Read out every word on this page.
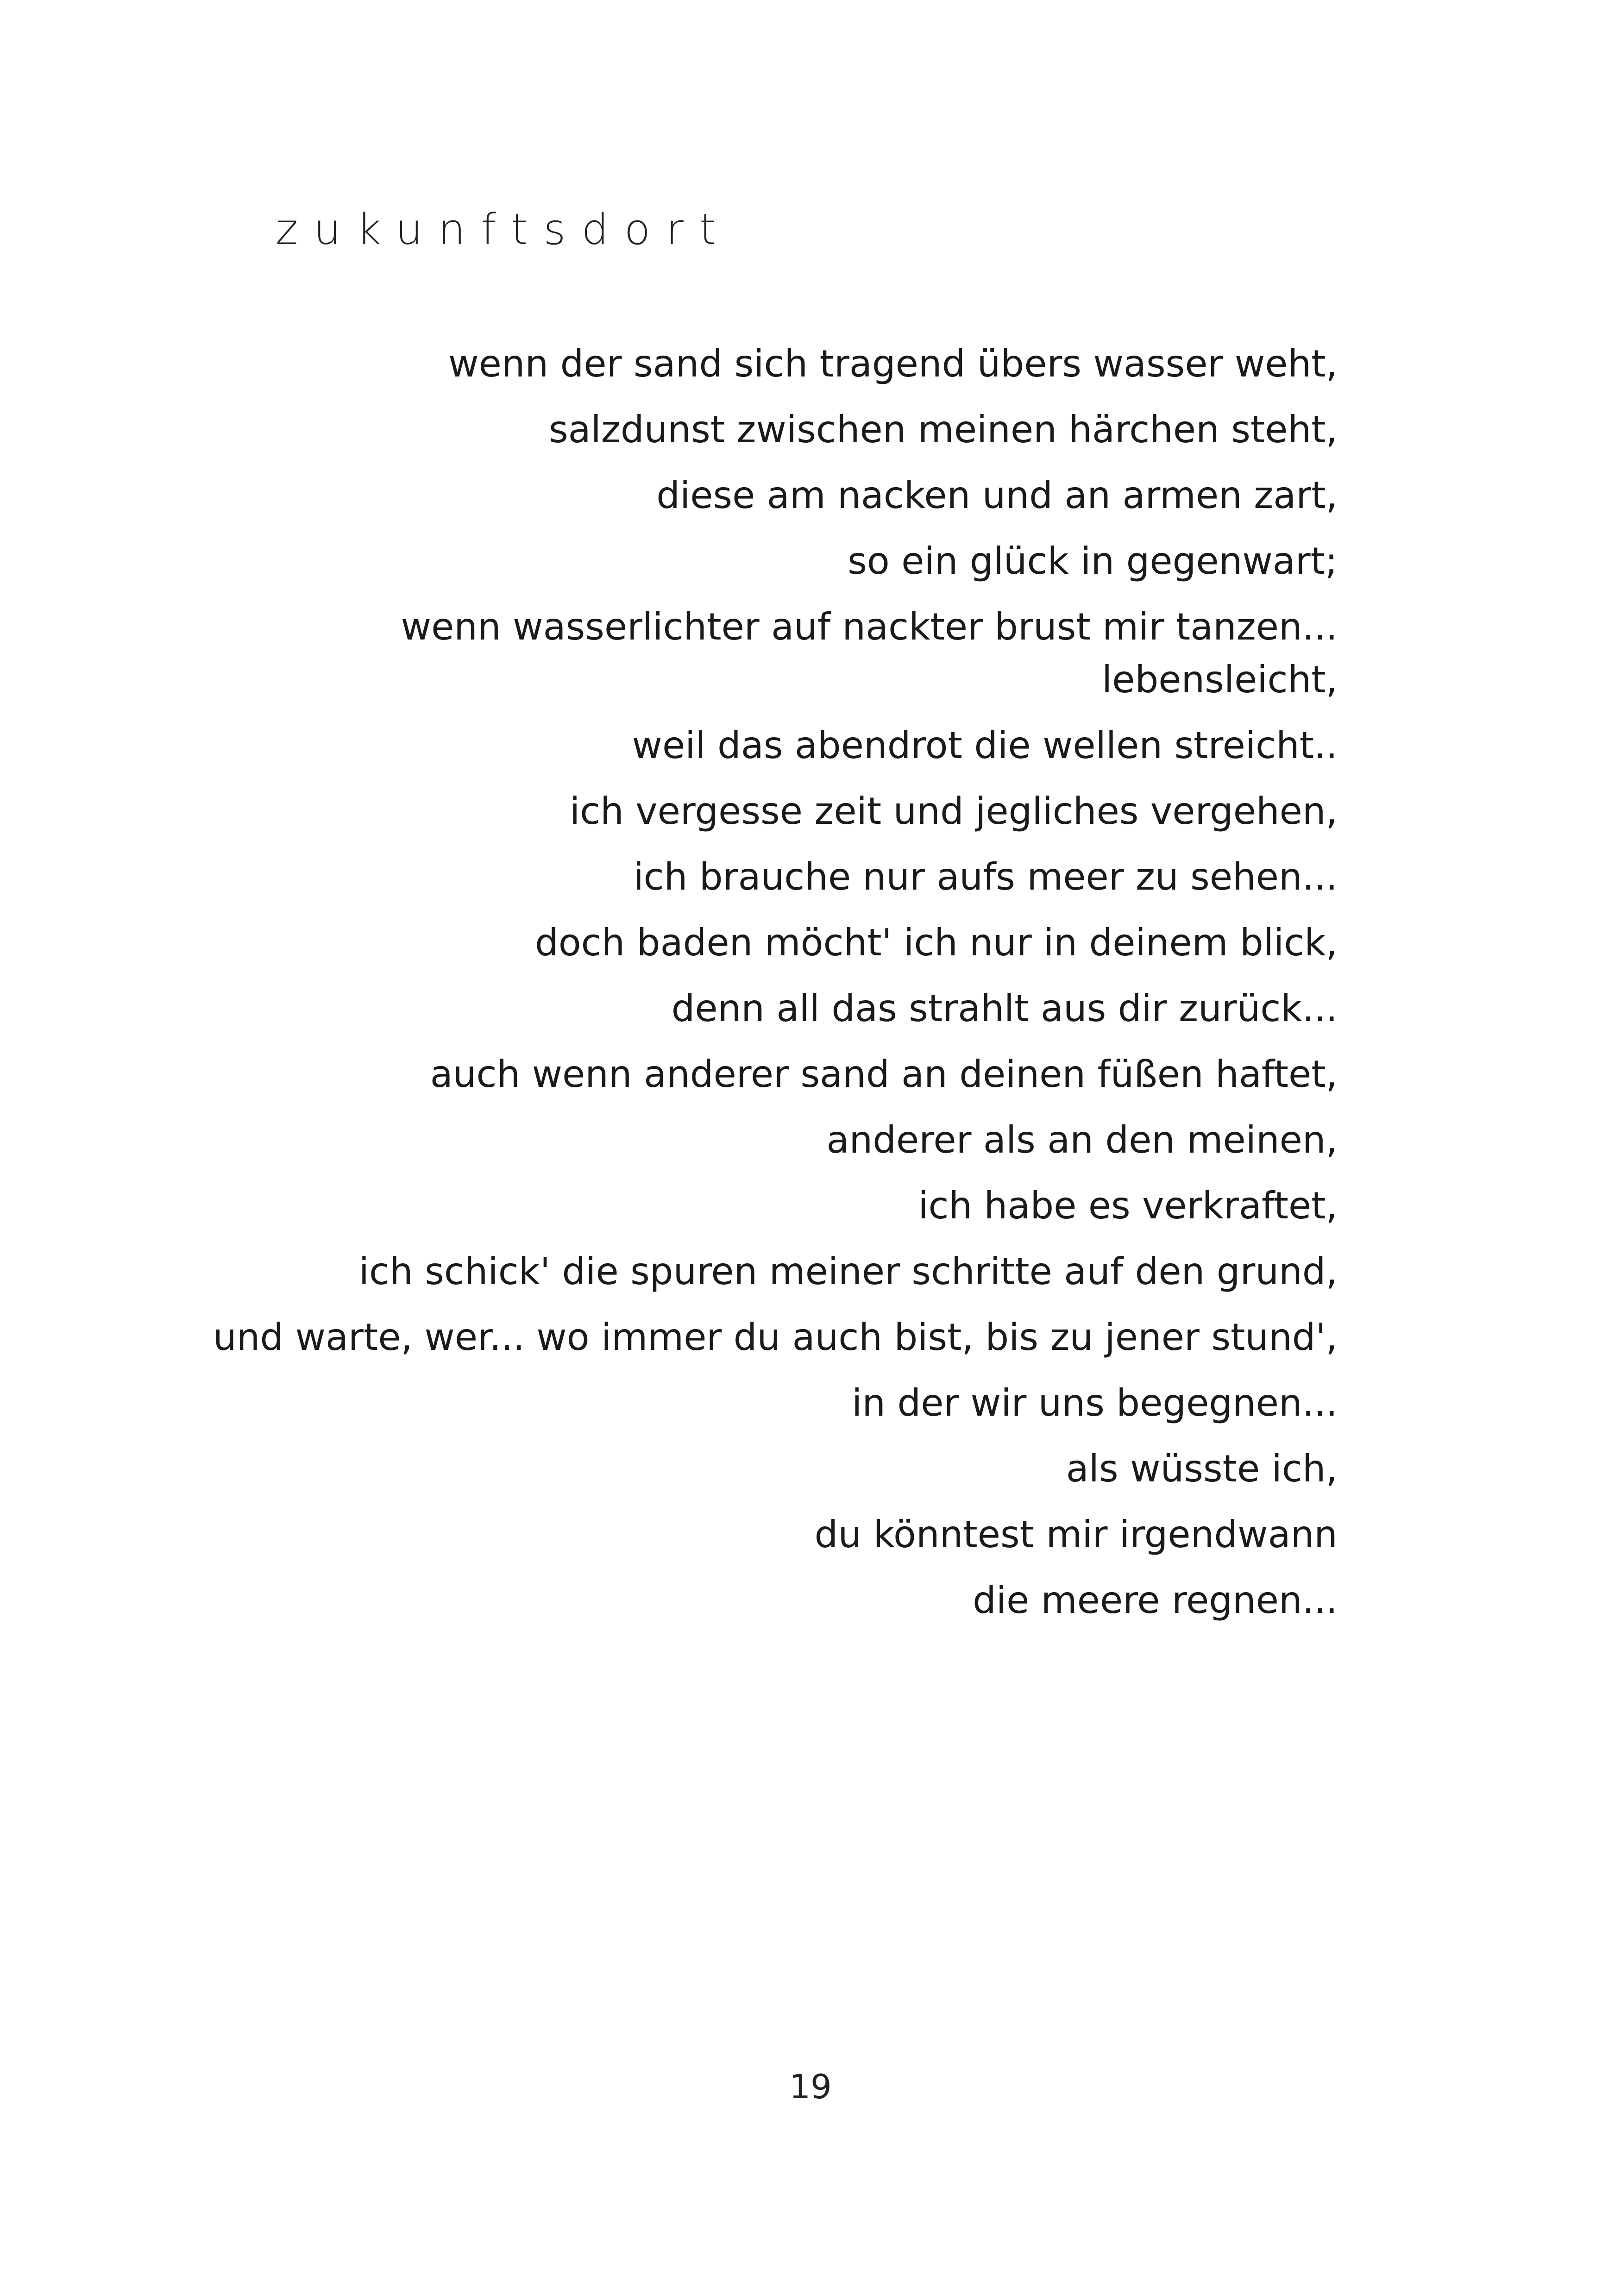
zukunftsdort
wenn der sand sich tragend übers wasser weht,
salzdunst zwischen meinen härchen steht,
diese am nacken und an armen zart,
so ein glück in gegenwart;
wenn wasserlichter auf nackter brust mir tanzen...
lebensleicht,
weil das abendrot die wellen streicht..
ich vergesse zeit und jegliches vergehen,
ich brauche nur aufs meer zu sehen...
doch baden möcht' ich nur in deinem blick,
denn all das strahlt aus dir zurück...
auch wenn anderer sand an deinen füßen haftet,
anderer als an den meinen,
ich habe es verkraftet,
ich schick' die spuren meiner schritte auf den grund,
und warte, wer... wo immer du auch bist, bis zu jener stund',
in der wir uns begegnen...
als wüsste ich,
du könntest mir irgendwann
die meere regnen...
19
